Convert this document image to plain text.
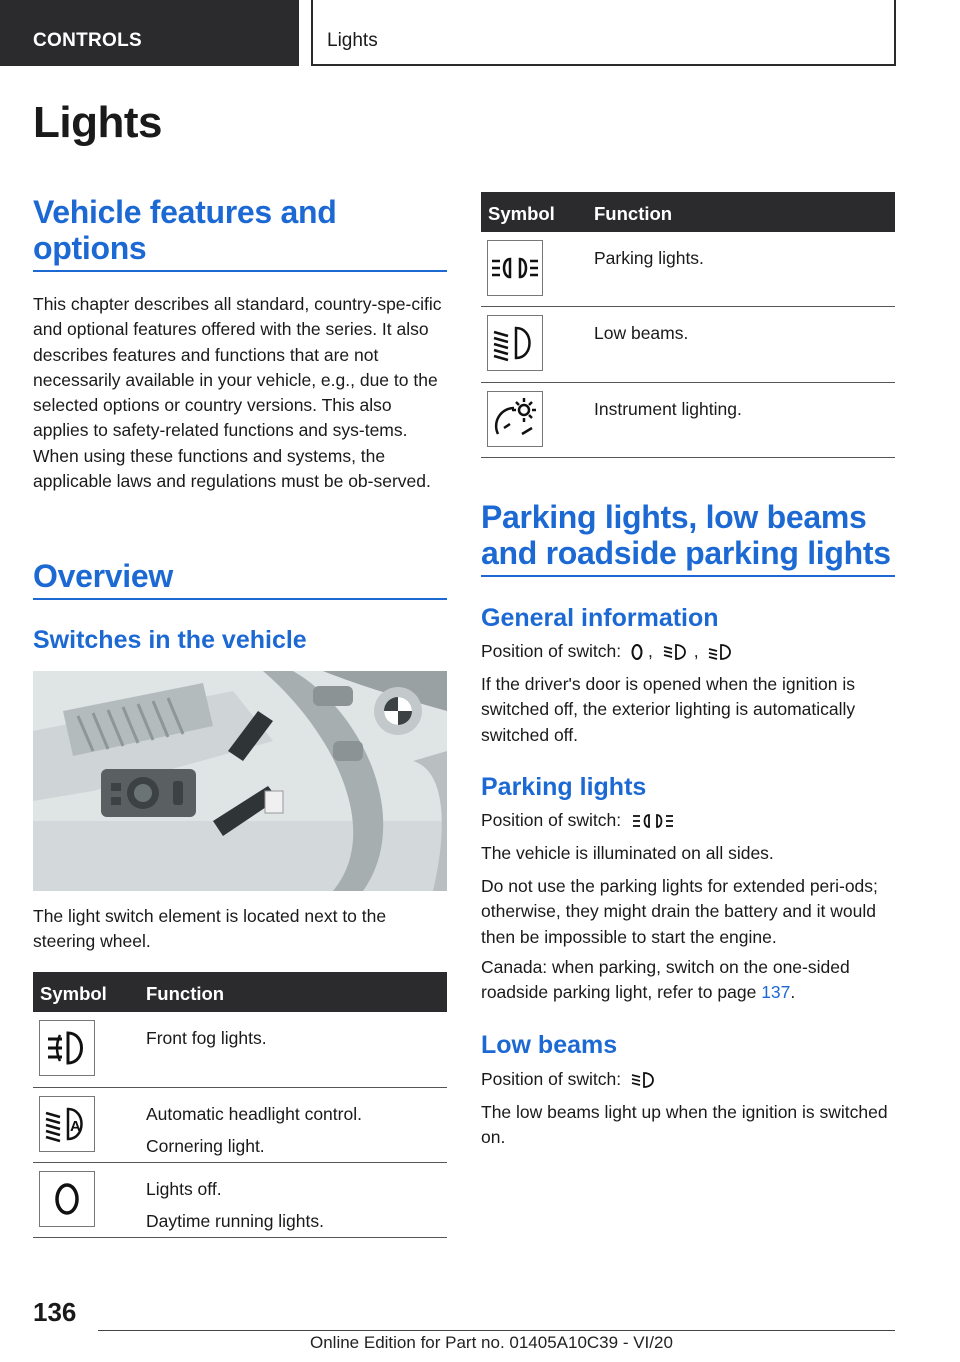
CONTROLS	Lights
Lights
Vehicle features and options
This chapter describes all standard, country-spe-cific and optional features offered with the series. It also describes features and functions that are not necessarily available in your vehicle, e.g., due to the selected options or country versions. This also applies to safety-related functions and sys-tems. When using these functions and systems, the applicable laws and regulations must be ob-served.
Overview
Switches in the vehicle
The light switch element is located next to the steering wheel.
Symbol Function
Front fog lights.
A
Automatic headlight control.
Cornering light.
Lights off.
Daytime running lights.
Symbol Function
Parking lights.
Low beams.
Instrument lighting.
Parking lights, low beams and roadside parking lights
General information
Position of switch: , ,
If the driver's door is opened when the ignition is switched off, the exterior lighting is automatically switched off.
Parking lights
Position of switch:
The vehicle is illuminated on all sides.
Do not use the parking lights for extended peri-ods; otherwise, they might drain the battery and it would then be impossible to start the engine.
Canada: when parking, switch on the one-sided roadside parking light, refer to page 137.
Low beams
Position of switch:
The low beams light up when the ignition is switched on.
136
Online Edition for Part no. 01405A10C39 - VI/20
